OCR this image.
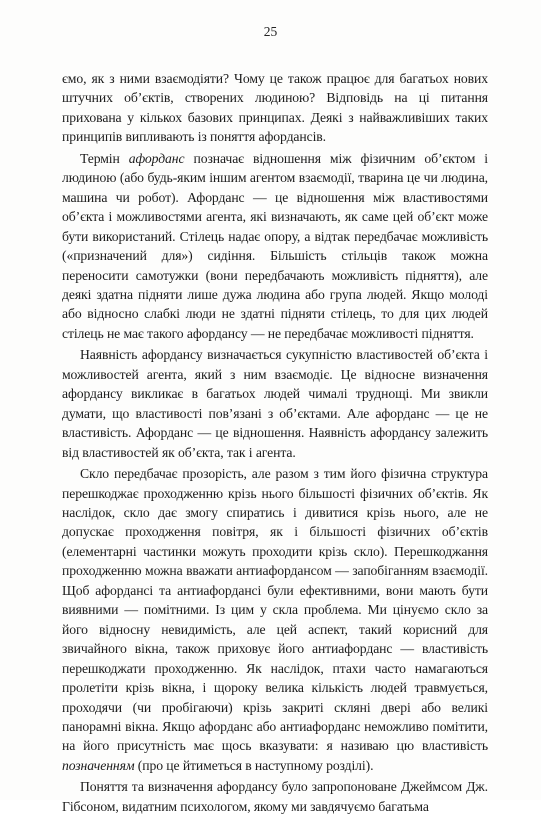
25

ємо, як з ними взаємодіяти? Чому це також працює для багатьох нових штучних об’єктів, створених людиною? Відповідь на ці питання прихована у кількох базових принципах. Деякі з найважливіших таких принципів випливають із поняття афордансів.

Термін афорданс позначає відношення між фізичним об’єктом і людиною (або будь-яким іншим агентом взаємодії, тварина це чи людина, машина чи робот). Афорданс — це відношення між властивостями об’єкта і можливостями агента, які визначають, як саме цей об’єкт може бути використаний. Стілець надає опору, а відтак передбачає можливість («призначений для») сидіння. Більшість стільців також можна переносити самотужки (вони передбачають можливість підняття), але деякі здатна підняти лише дужа людина або група людей. Якщо молоді або відносно слабкі люди не здатні підняти стілець, то для цих людей стілець не має такого афордансу — не передбачає можливості підняття.

Наявність афордансу визначається сукупністю властивостей об’єкта і можливостей агента, який з ним взаємодіє. Це відносне визначення афордансу викликає в багатьох людей чималі труднощі. Ми звикли думати, що властивості пов’язані з об’єктами. Але афорданс — це не властивість. Афорданс — це відношення. Наявність афордансу залежить від властивостей як об’єкта, так і агента.

Скло передбачає прозорість, але разом з тим його фізична структура перешкоджає проходженню крізь нього більшості фізичних об’єктів. Як наслідок, скло дає змогу спиратись і дивитися крізь нього, але не допускає проходження повітря, як і більшості фізичних об’єктів (елементарні частинки можуть проходити крізь скло). Перешкоджання проходженню можна вважати антиафордансом — запобіганням взаємодії. Щоб афордансі та антиафордансі були ефективними, вони мають бути виявними — помітними. Із цим у скла проблема. Ми цінуємо скло за його відносну невидимість, але цей аспект, такий корисний для звичайного вікна, також приховує його антиафорданс — властивість перешкоджати проходженню. Як наслідок, птахи часто намагаються пролетіти крізь вікна, і щороку велика кількість людей травмується, проходячи (чи пробігаючи) крізь закриті скляні двері або великі панорамні вікна. Якщо афорданс або антиафорданс неможливо помітити, на його присутність має щось вказувати: я називаю цю властивість позначенням (про це йтиметься в наступному розділі).

Поняття та визначення афордансу було запропоноване Джеймсом Дж. Гібсоном, видатним психологом, якому ми завдячуємо багатьма
